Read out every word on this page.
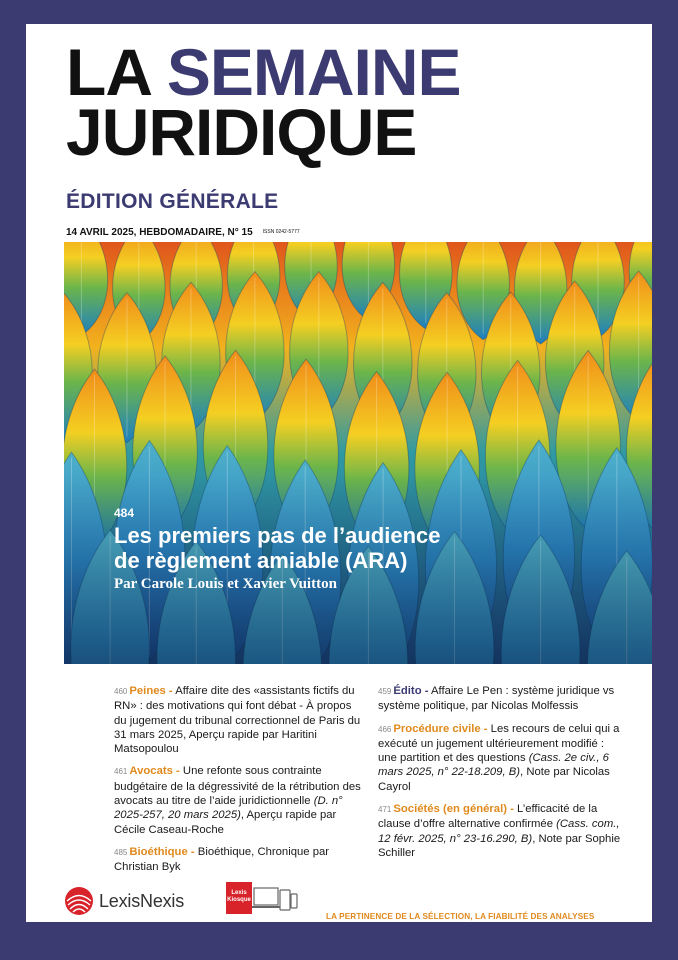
LA SEMAINE
JURIDIQUE
ÉDITION GÉNÉRALE
14 AVRIL 2025, HEBDOMADAIRE, N° 15 ISSN 0242-5777
484
Les premiers pas de l’audience
de règlement amiable (ARA)
Par Carole Louis et Xavier Vuitton
460 Peines - Affaire dite des «assistants fictifs du RN» : des motivations qui font débat - À propos du jugement du tribunal correctionnel de Paris du 31 mars 2025, Aperçu rapide par Haritini Matsopoulou
461 Avocats - Une refonte sous contrainte budgétaire de la dégressivité de la rétribution des avocats au titre de l’aide juridictionnelle (D. n° 2025-257, 20 mars 2025), Aperçu rapide par Cécile Caseau-Roche
485 Bioéthique - Bioéthique, Chronique par Christian Byk
459 Édito - Affaire Le Pen : système juridique vs système politique, par Nicolas Molfessis
466 Procédure civile - Les recours de celui qui a exécuté un jugement ultérieurement modifié : une partition et des questions (Cass. 2e civ., 6 mars 2025, n° 22-18.209, B), Note par Nicolas Cayrol
471 Sociétés (en général) - L’efficacité de la clause d’offre alternative confirmée (Cass. com., 12 févr. 2025, n° 23-16.290, B), Note par Sophie Schiller
LexisNexis	Lexis
Kiosque
LA PERTINENCE DE LA SÉLECTION, LA FIABILITÉ DES ANALYSES
